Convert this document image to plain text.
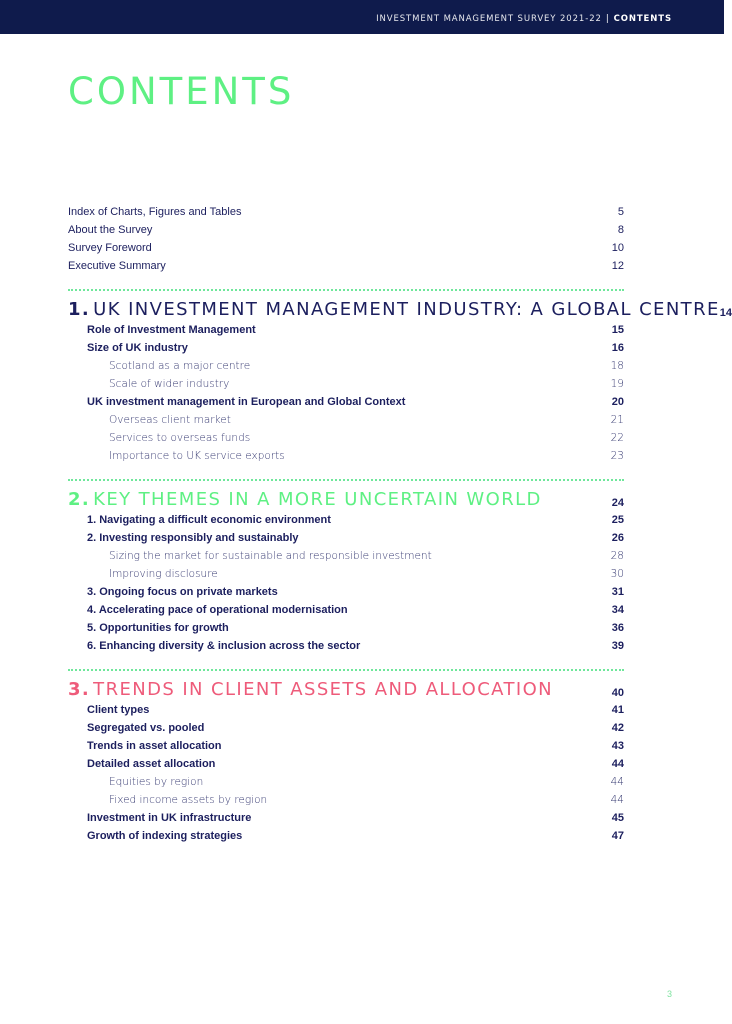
INVESTMENT MANAGEMENT SURVEY 2021-22 | CONTENTS
CONTENTS
Index of Charts, Figures and Tables	5
About the Survey	8
Survey Foreword	10
Executive Summary	12
1. UK INVESTMENT MANAGEMENT INDUSTRY: A GLOBAL CENTRE 14
Role of Investment Management	15
Size of UK industry	16
Scotland as a major centre	18
Scale of wider industry	19
UK investment management in European and Global Context	20
Overseas client market	21
Services to overseas funds	22
Importance to UK service exports	23
2. KEY THEMES IN A MORE UNCERTAIN WORLD	24
1. Navigating a difficult economic environment	25
2. Investing responsibly and sustainably	26
Sizing the market for sustainable and responsible investment	28
Improving disclosure	30
3. Ongoing focus on private markets	31
4. Accelerating pace of operational modernisation	34
5. Opportunities for growth	36
6. Enhancing diversity & inclusion across the sector	39
3. TRENDS IN CLIENT ASSETS AND ALLOCATION	40
Client types	41
Segregated vs. pooled	42
Trends in asset allocation	43
Detailed asset allocation	44
Equities by region	44
Fixed income assets by region	44
Investment in UK infrastructure	45
Growth of indexing strategies	47
3
